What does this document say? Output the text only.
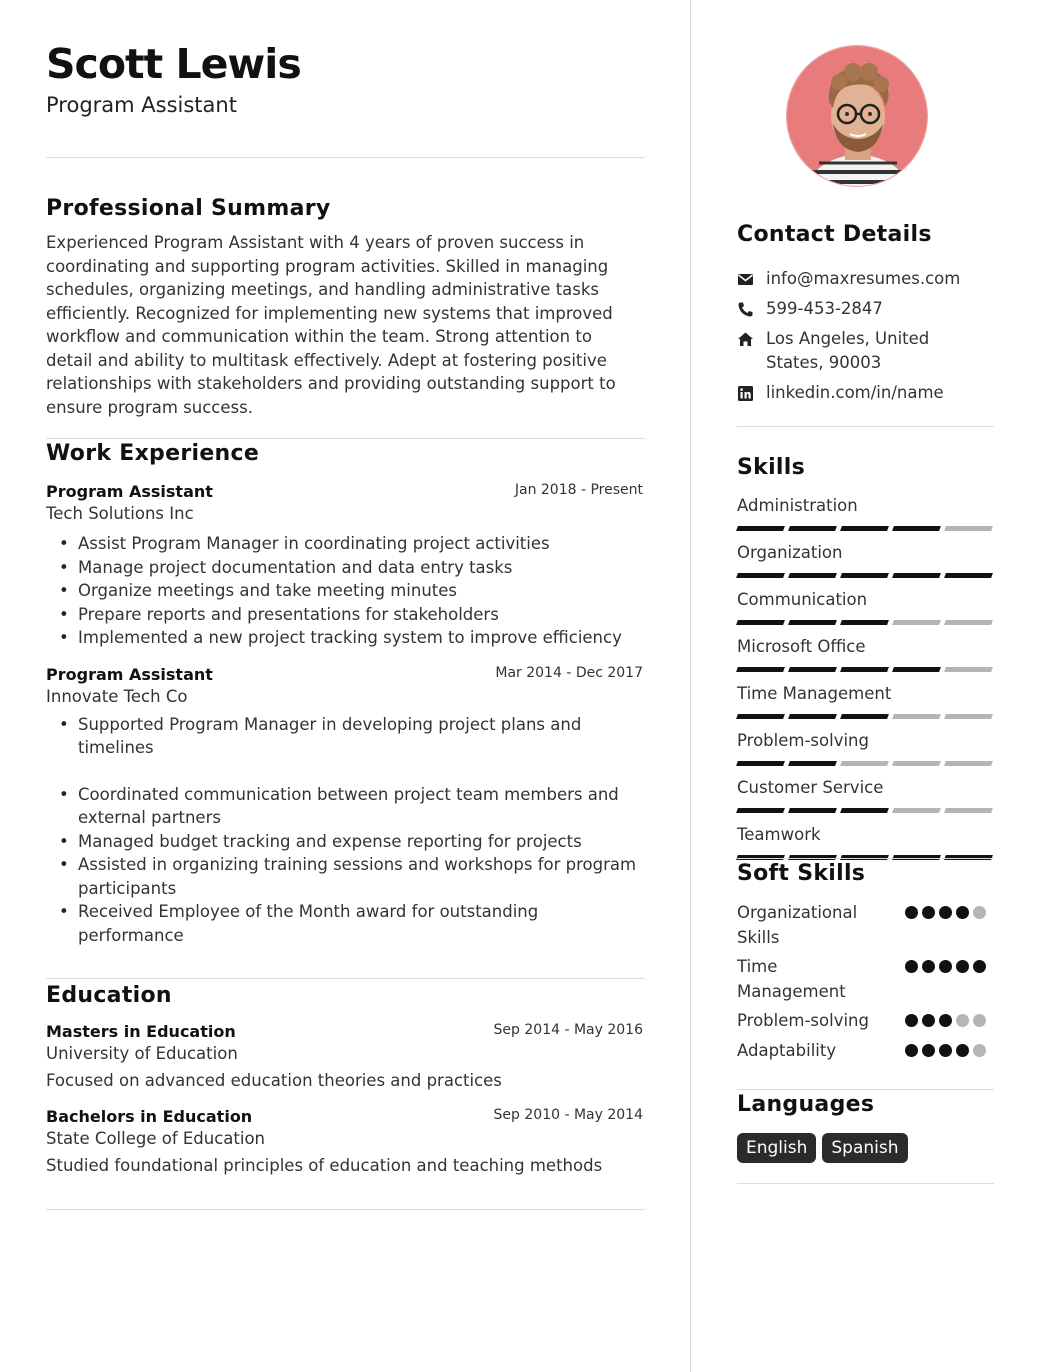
Scott Lewis
Program Assistant
Professional Summary
Experienced Program Assistant with 4 years of proven success in coordinating and supporting program activities. Skilled in managing schedules, organizing meetings, and handling administrative tasks efficiently. Recognized for implementing new systems that improved workflow and communication within the team. Strong attention to detail and ability to multitask effectively. Adept at fostering positive relationships with stakeholders and providing outstanding support to ensure program success.
Work Experience
Program Assistant	Jan 2018 - Present
Tech Solutions Inc
• Assist Program Manager in coordinating project activities
• Manage project documentation and data entry tasks
• Organize meetings and take meeting minutes
• Prepare reports and presentations for stakeholders
• Implemented a new project tracking system to improve efficiency
Program Assistant	Mar 2014 - Dec 2017
Innovate Tech Co
• Supported Program Manager in developing project plans and timelines
• Coordinated communication between project team members and external partners
• Managed budget tracking and expense reporting for projects
• Assisted in organizing training sessions and workshops for program participants
• Received Employee of the Month award for outstanding performance
Education
Masters in Education	Sep 2014 - May 2016
University of Education
Focused on advanced education theories and practices
Bachelors in Education	Sep 2010 - May 2014
State College of Education
Studied foundational principles of education and teaching methods
Contact Details
info@maxresumes.com
599-453-2847
Los Angeles, United States, 90003
linkedin.com/in/name
Skills
Administration
Organization
Communication
Microsoft Office
Time Management
Problem-solving
Customer Service
Teamwork
Soft Skills
Organizational Skills
Time Management
Problem-solving
Adaptability
Languages
English	Spanish
